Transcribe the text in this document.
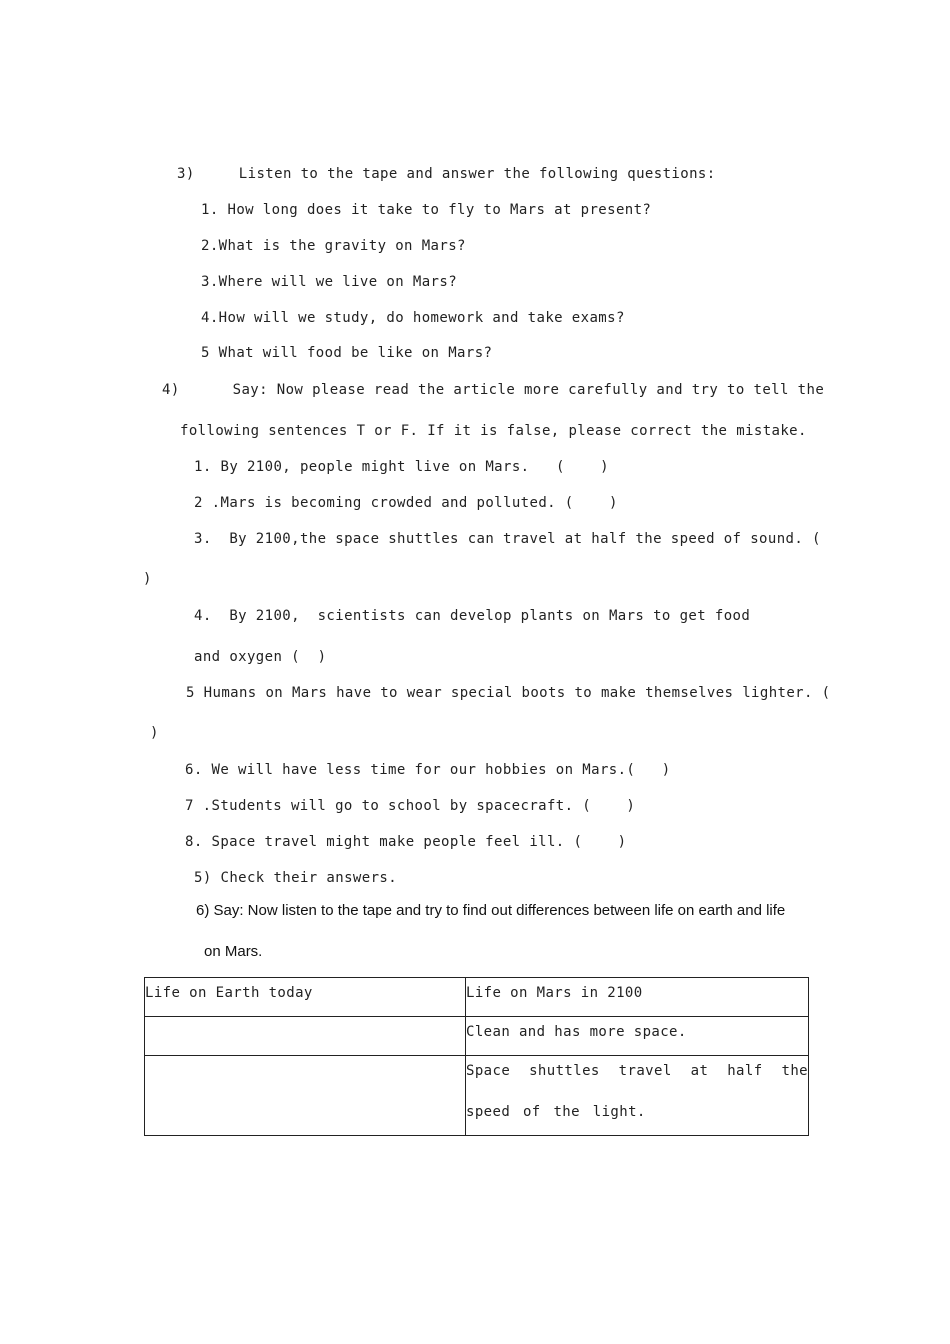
3)     Listen to the tape and answer the following questions:
1. How long does it take to fly to Mars at present?
2.What is the gravity on Mars?
3.Where will we live on Mars?
4.How will we study, do homework and take exams?
5 What will food be like on Mars?
4)      Say: Now please read the article more carefully and try to tell the
following sentences T or F. If it is false, please correct the mistake.
1. By 2100, people might live on Mars.   (    )
2 .Mars is becoming crowded and polluted. (    )
3.  By 2100,the space shuttles can travel at half the speed of sound. (
)
4.  By 2100,  scientists can develop plants on Mars to get food
and oxygen (  )
5 Humans on Mars have to wear special boots to make themselves lighter. (
)
6. We will have less time for our hobbies on Mars.(   )
7 .Students will go to school by spacecraft. (    )
8. Space travel might make people feel ill. (    )
5) Check their answers.
6) Say: Now listen to the tape and try to find out differences between life on earth and life
on Mars.
Life on Earth today	Life on Mars in 2100

	Clean and has more space.

	Space shuttles travel at half the speed of the light.
